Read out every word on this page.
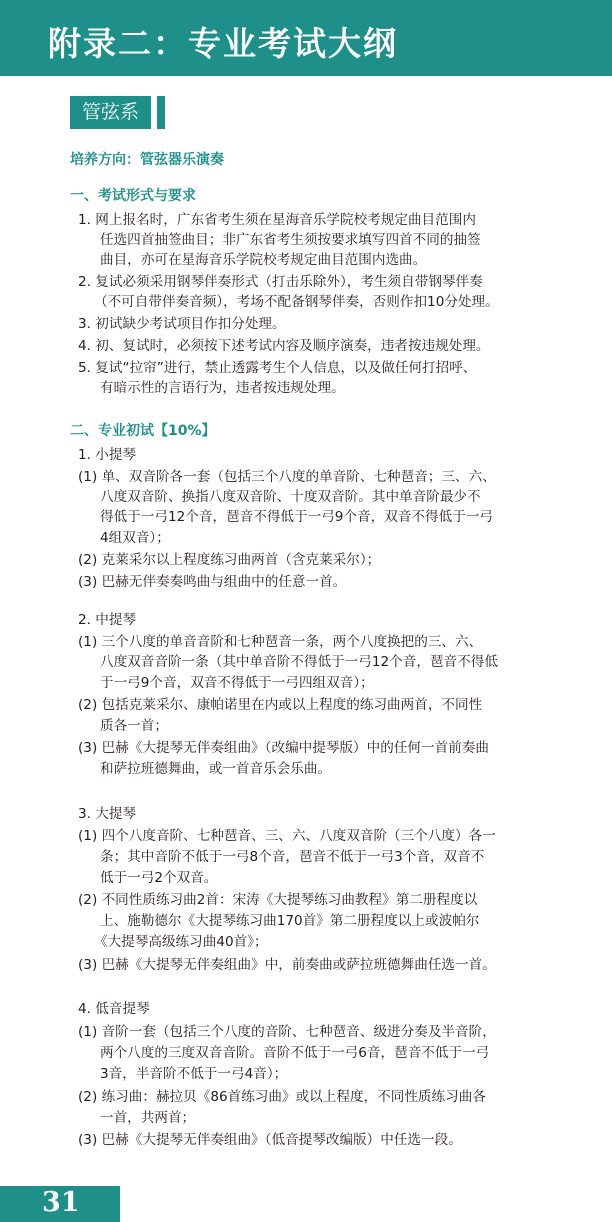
附录二：专业考试大纲
管弦系
培养方向：管弦器乐演奏
一、考试形式与要求
1. 网上报名时，广东省考生须在星海音乐学院校考规定曲目范围内
任选四首抽签曲目；非广东省考生须按要求填写四首不同的抽签
曲目，亦可在星海音乐学院校考规定曲目范围内选曲。
2. 复试必须采用钢琴伴奏形式（打击乐除外），考生须自带钢琴伴奏
（不可自带伴奏音频），考场不配备钢琴伴奏，否则作扣10分处理。
3. 初试缺少考试项目作扣分处理。
4. 初、复试时，必须按下述考试内容及顺序演奏，违者按违规处理。
5. 复试“拉帘”进行，禁止透露考生个人信息，以及做任何打招呼、
有暗示性的言语行为，违者按违规处理。
二、专业初试【10%】
1. 小提琴
(1) 单、双音阶各一套（包括三个八度的单音阶、七种琶音；三、六、
八度双音阶、换指八度双音阶、十度双音阶。其中单音阶最少不
得低于一弓12个音，琶音不得低于一弓9个音，双音不得低于一弓
4组双音）；
(2) 克莱采尔以上程度练习曲两首（含克莱采尔）；
(3) 巴赫无伴奏奏鸣曲与组曲中的任意一首。
2. 中提琴
(1) 三个八度的单音音阶和七种琶音一条，两个八度换把的三、六、
八度双音音阶一条（其中单音阶不得低于一弓12个音，琶音不得低
于一弓9个音，双音不得低于一弓四组双音）；
(2) 包括克莱采尔、康帕诺里在内或以上程度的练习曲两首，不同性
质各一首；
(3) 巴赫《大提琴无伴奏组曲》（改编中提琴版）中的任何一首前奏曲
和萨拉班德舞曲，或一首音乐会乐曲。
3. 大提琴
(1) 四个八度音阶、七种琶音、三、六、八度双音阶（三个八度）各一
条；其中音阶不低于一弓8个音，琶音不低于一弓3个音，双音不
低于一弓2个双音。
(2) 不同性质练习曲2首：宋涛《大提琴练习曲教程》第二册程度以
上、施勒德尔《大提琴练习曲170首》第二册程度以上或波帕尔
《大提琴高级练习曲40首》；
(3) 巴赫《大提琴无伴奏组曲》中，前奏曲或萨拉班德舞曲任选一首。
4. 低音提琴
(1) 音阶一套（包括三个八度的音阶、七种琶音、级进分奏及半音阶，
两个八度的三度双音音阶。音阶不低于一弓6音，琶音不低于一弓
3音，半音阶不低于一弓4音）；
(2) 练习曲：赫拉贝《86首练习曲》或以上程度，不同性质练习曲各
一首，共两首；
(3) 巴赫《大提琴无伴奏组曲》（低音提琴改编版）中任选一段。
31
